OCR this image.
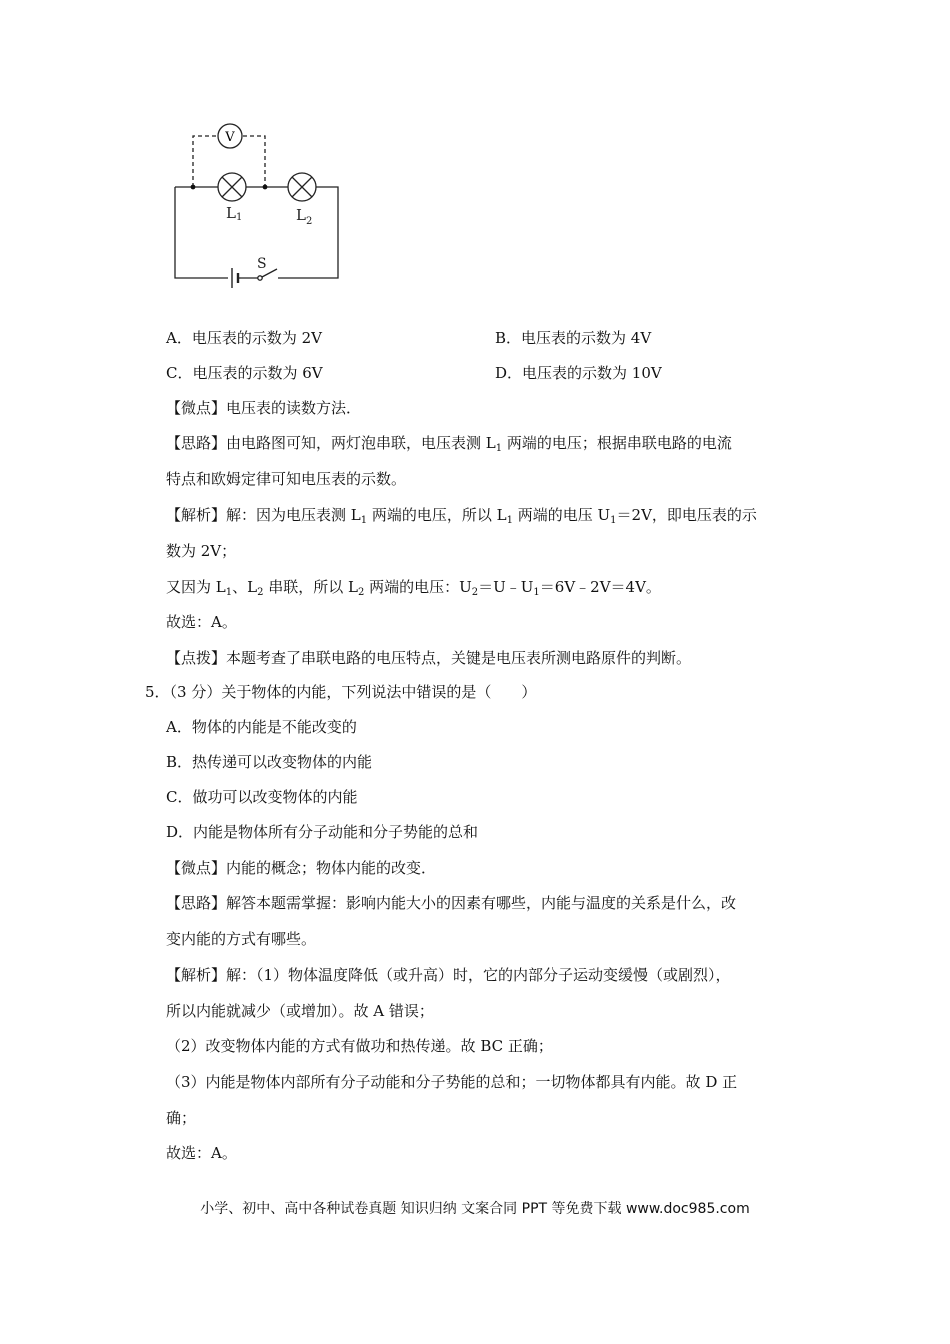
V
L1	$L_2$
S
A．电压表的示数为 2V	B．电压表的示数为 4V
C．电压表的示数为 6V	D．电压表的示数为 10V
【微点】电压表的读数方法．
【思路】由电路图可知，两灯泡串联，电压表测 $L_1$ 两端的电压；根据串联电路的电流
特点和欧姆定律可知电压表的示数。
【解析】解：因为电压表测 $L_1$ 两端的电压，所以 $L_1$ 两端的电压 $U_1=2V$，即电压表的示
数为 2V；
又因为 $L_1$、$L_2$ 串联，所以 $L_2$ 两端的电压：$U_2=U﹣U_1=6V﹣2V=4V$。
故选：A。
【点拨】本题考查了串联电路的电压特点，关键是电压表所测电路原件的判断。
5．（3 分）关于物体的内能，下列说法中错误的是（　　）
A．物体的内能是不能改变的
B．热传递可以改变物体的内能
C．做功可以改变物体的内能
D．内能是物体所有分子动能和分子势能的总和
【微点】内能的概念；物体内能的改变．
【思路】解答本题需掌握：影响内能大小的因素有哪些，内能与温度的关系是什么，改
变内能的方式有哪些。
【解析】解：（1）物体温度降低（或升高）时，它的内部分子运动变缓慢（或剧烈），
所以内能就减少（或增加）。故 A 错误；
（2）改变物体内能的方式有做功和热传递。故 BC 正确；
（3）内能是物体内部所有分子动能和分子势能的总和；一切物体都具有内能。故 D 正
确；
故选：A。
小学、初中、高中各种试卷真题 知识归纳 文案合同 PPT 等免费下载 www.doc985.com
